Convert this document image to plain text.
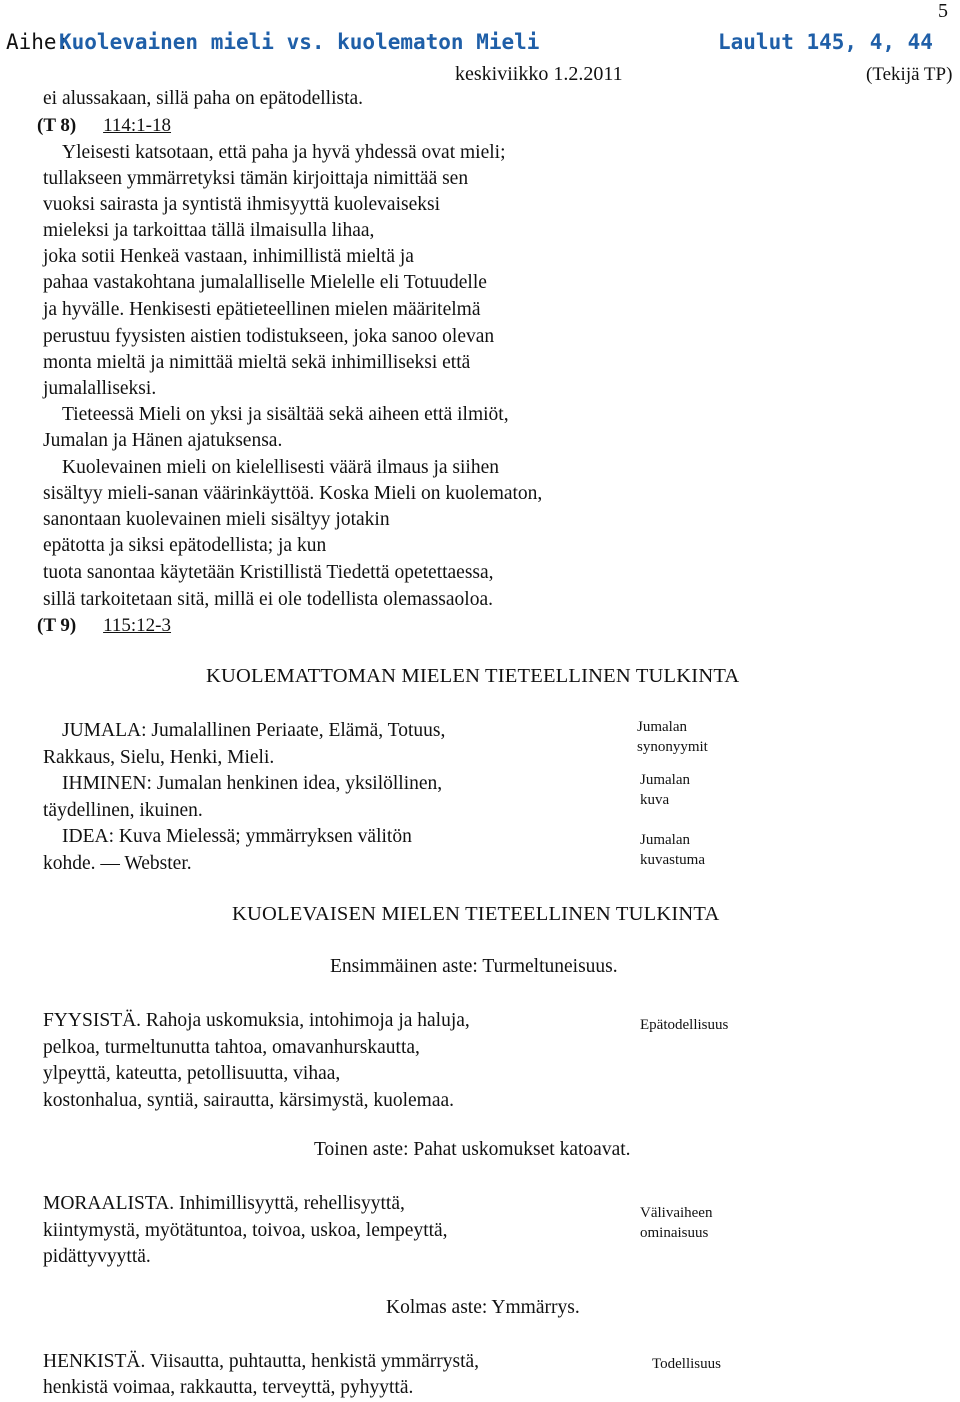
Aihe:
Kuolevainen mieli vs. kuolematon Mieli	Laulut 145, 4, 44
5
keskiviikko 1.2.2011	(Tekijä TP)
ei alussakaan, sillä paha on epätodellista.
(T 8) 114:1-18
Yleisesti katsotaan, että paha ja hyvä yhdessä ovat mieli;
tullakseen ymmärretyksi tämän kirjoittaja nimittää sen
vuoksi sairasta ja syntistä ihmisyyttä kuolevaiseksi
mieleksi ja tarkoittaa tällä ilmaisulla lihaa,
joka sotii Henkeä vastaan, inhimillistä mieltä ja
pahaa vastakohtana jumalalliselle Mielelle eli Totuudelle
ja hyvälle. Henkisesti epätieteellinen mielen määritelmä
perustuu fyysisten aistien todistukseen, joka sanoo olevan
monta mieltä ja nimittää mieltä sekä inhimilliseksi että
jumalalliseksi.
Tieteessä Mieli on yksi ja sisältää sekä aiheen että ilmiöt,
Jumalan ja Hänen ajatuksensa.
Kuolevainen mieli on kielellisesti väärä ilmaus ja siihen
sisältyy mieli-sanan väärinkäyttöä. Koska Mieli on kuolematon,
sanontaan kuolevainen mieli sisältyy jotakin
epätotta ja siksi epätodellista; ja kun
tuota sanontaa käytetään Kristillistä Tiedettä opetettaessa,
sillä tarkoitetaan sitä, millä ei ole todellista olemassaoloa.
(T 9) 115:12-3
KUOLEMATTOMAN MIELEN TIETEELLINEN TULKINTA
JUMALA: Jumalallinen Periaate, Elämä, Totuus,
Rakkaus, Sielu, Henki, Mieli.
IHMINEN: Jumalan henkinen idea, yksilöllinen,
täydellinen, ikuinen.
IDEA: Kuva Mielessä; ymmärryksen välitön
kohde. — Webster.
Jumalan
synonyymit
Jumalan
kuva
Jumalan
kuvastuma
KUOLEVAISEN MIELEN TIETEELLINEN TULKINTA
Ensimmäinen aste: Turmeltuneisuus.
FYYSISTÄ. Rahoja uskomuksia, intohimoja ja haluja,
pelkoa, turmeltunutta tahtoa, omavanhurskautta,
ylpeyttä, kateutta, petollisuutta, vihaa,
kostonhalua, syntiä, sairautta, kärsimystä, kuolemaa.
Epätodellisuus
Toinen aste: Pahat uskomukset katoavat.
MORAALISTA. Inhimillisyyttä, rehellisyyttä,
kiintymystä, myötätuntoa, toivoa, uskoa, lempeyttä,
pidättyvyyttä.
Välivaiheen
ominaisuus
Kolmas aste: Ymmärrys.
HENKISTÄ. Viisautta, puhtautta, henkistä ymmärrystä,
henkistä voimaa, rakkautta, terveyttä, pyhyyttä.
Todellisuus
